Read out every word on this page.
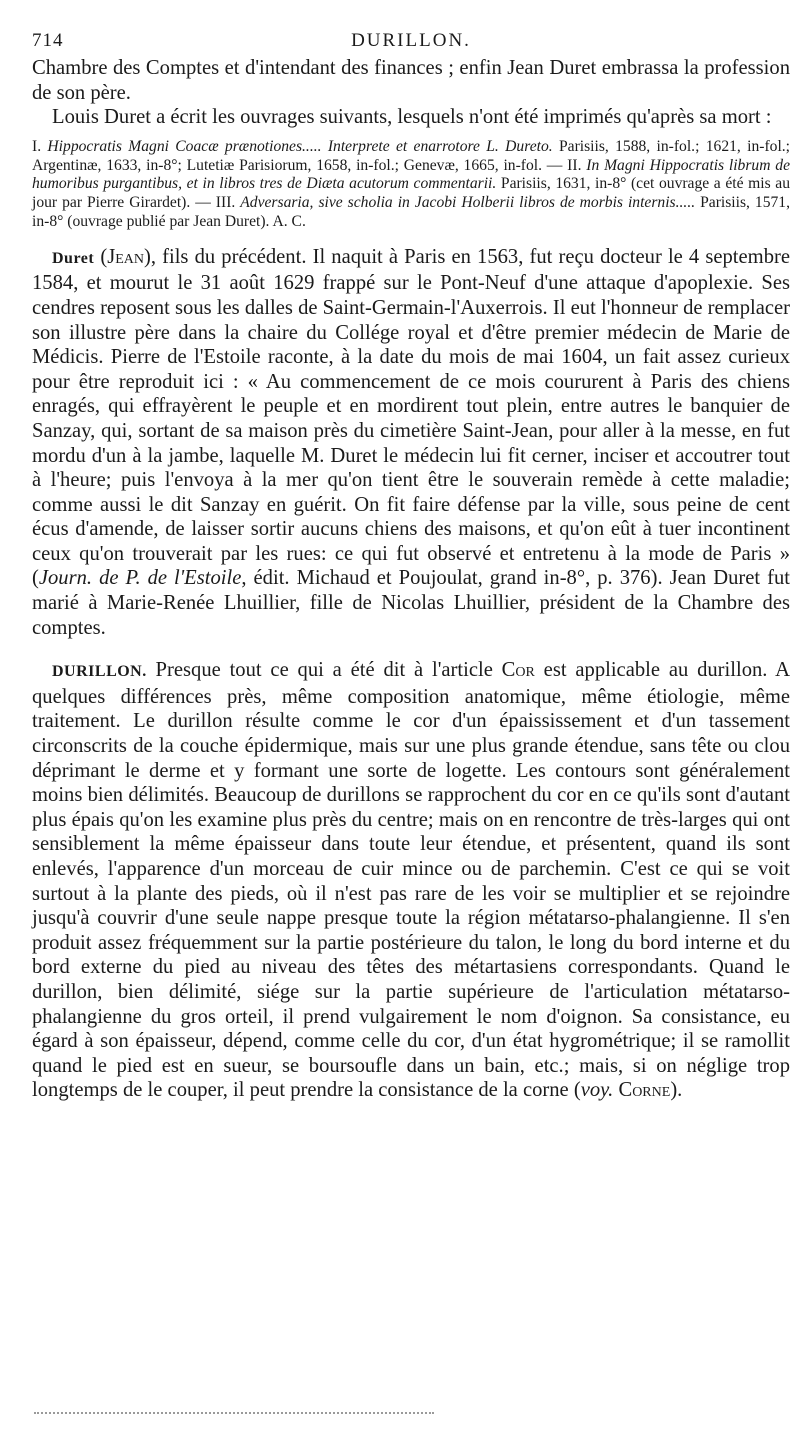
714	DURILLON.

Chambre des Comptes et d'intendant des finances ; enfin Jean Duret embrassa la profession de son père.

Louis Duret a écrit les ouvrages suivants, lesquels n'ont été imprimés qu'après sa mort :

I. Hippocratis Magni Coacæ prænotiones..... Interprete et enarrotore L. Dureto. Parisiis, 1588, in-fol.; 1621, in-fol.; Argentinæ, 1633, in-8°; Lutetiæ Parisiorum, 1658, in-fol.; Genevæ, 1665, in-fol. — II. In Magni Hippocratis librum de humoribus purgantibus, et in libros tres de Diæta acutorum commentarii. Parisiis, 1631, in-8° (cet ouvrage a été mis au jour par Pierre Girardet). — III. Adversaria, sive scholia in Jacobi Holberii libros de morbis internis..... Parisiis, 1571, in-8° (ouvrage publié par Jean Duret). A. C.

Duret (Jean), fils du précédent. Il naquit à Paris en 1563, fut reçu docteur le 4 septembre 1584, et mourut le 31 août 1629 frappé sur le Pont-Neuf d'une attaque d'apoplexie. Ses cendres reposent sous les dalles de Saint-Germain-l'Auxerrois. Il eut l'honneur de remplacer son illustre père dans la chaire du Collége royal et d'être premier médecin de Marie de Médicis. Pierre de l'Estoile raconte, à la date du mois de mai 1604, un fait assez curieux pour être reproduit ici : « Au commencement de ce mois coururent à Paris des chiens enragés, qui effrayèrent le peuple et en mordirent tout plein, entre autres le banquier de Sanzay, qui, sortant de sa maison près du cimetière Saint-Jean, pour aller à la messe, en fut mordu d'un à la jambe, laquelle M. Duret le médecin lui fit cerner, inciser et accoutrer tout à l'heure; puis l'envoya à la mer qu'on tient être le souverain remède à cette maladie; comme aussi le dit Sanzay en guérit. On fit faire défense par la ville, sous peine de cent écus d'amende, de laisser sortir aucuns chiens des maisons, et qu'on eût à tuer incontinent ceux qu'on trouverait par les rues: ce qui fut observé et entretenu à la mode de Paris » (Journ. de P. de l'Estoile, édit. Michaud et Poujoulat, grand in-8°, p. 376). Jean Duret fut marié à Marie-Renée Lhuillier, fille de Nicolas Lhuillier, président de la Chambre des comptes.

DURILLON. Presque tout ce qui a été dit à l'article Cor est applicable au durillon. A quelques différences près, même composition anatomique, même étiologie, même traitement. Le durillon résulte comme le cor d'un épaississement et d'un tassement circonscrits de la couche épidermique, mais sur une plus grande étendue, sans tête ou clou déprimant le derme et y formant une sorte de logette. Les contours sont généralement moins bien délimités. Beaucoup de durillons se rapprochent du cor en ce qu'ils sont d'autant plus épais qu'on les examine plus près du centre; mais on en rencontre de très-larges qui ont sensiblement la même épaisseur dans toute leur étendue, et présentent, quand ils sont enlevés, l'apparence d'un morceau de cuir mince ou de parchemin. C'est ce qui se voit surtout à la plante des pieds, où il n'est pas rare de les voir se multiplier et se rejoindre jusqu'à couvrir d'une seule nappe presque toute la région métatarso-phalangienne. Il s'en produit assez fréquemment sur la partie postérieure du talon, le long du bord interne et du bord externe du pied au niveau des têtes des métartasiens correspondants. Quand le durillon, bien délimité, siége sur la partie supérieure de l'articulation métatarso-phalangienne du gros orteil, il prend vulgairement le nom d'oignon. Sa consistance, eu égard à son épaisseur, dépend, comme celle du cor, d'un état hygrométrique; il se ramollit quand le pied est en sueur, se boursoufle dans un bain, etc.; mais, si on néglige trop longtemps de le couper, il peut prendre la consistance de la corne (voy. Corne).
